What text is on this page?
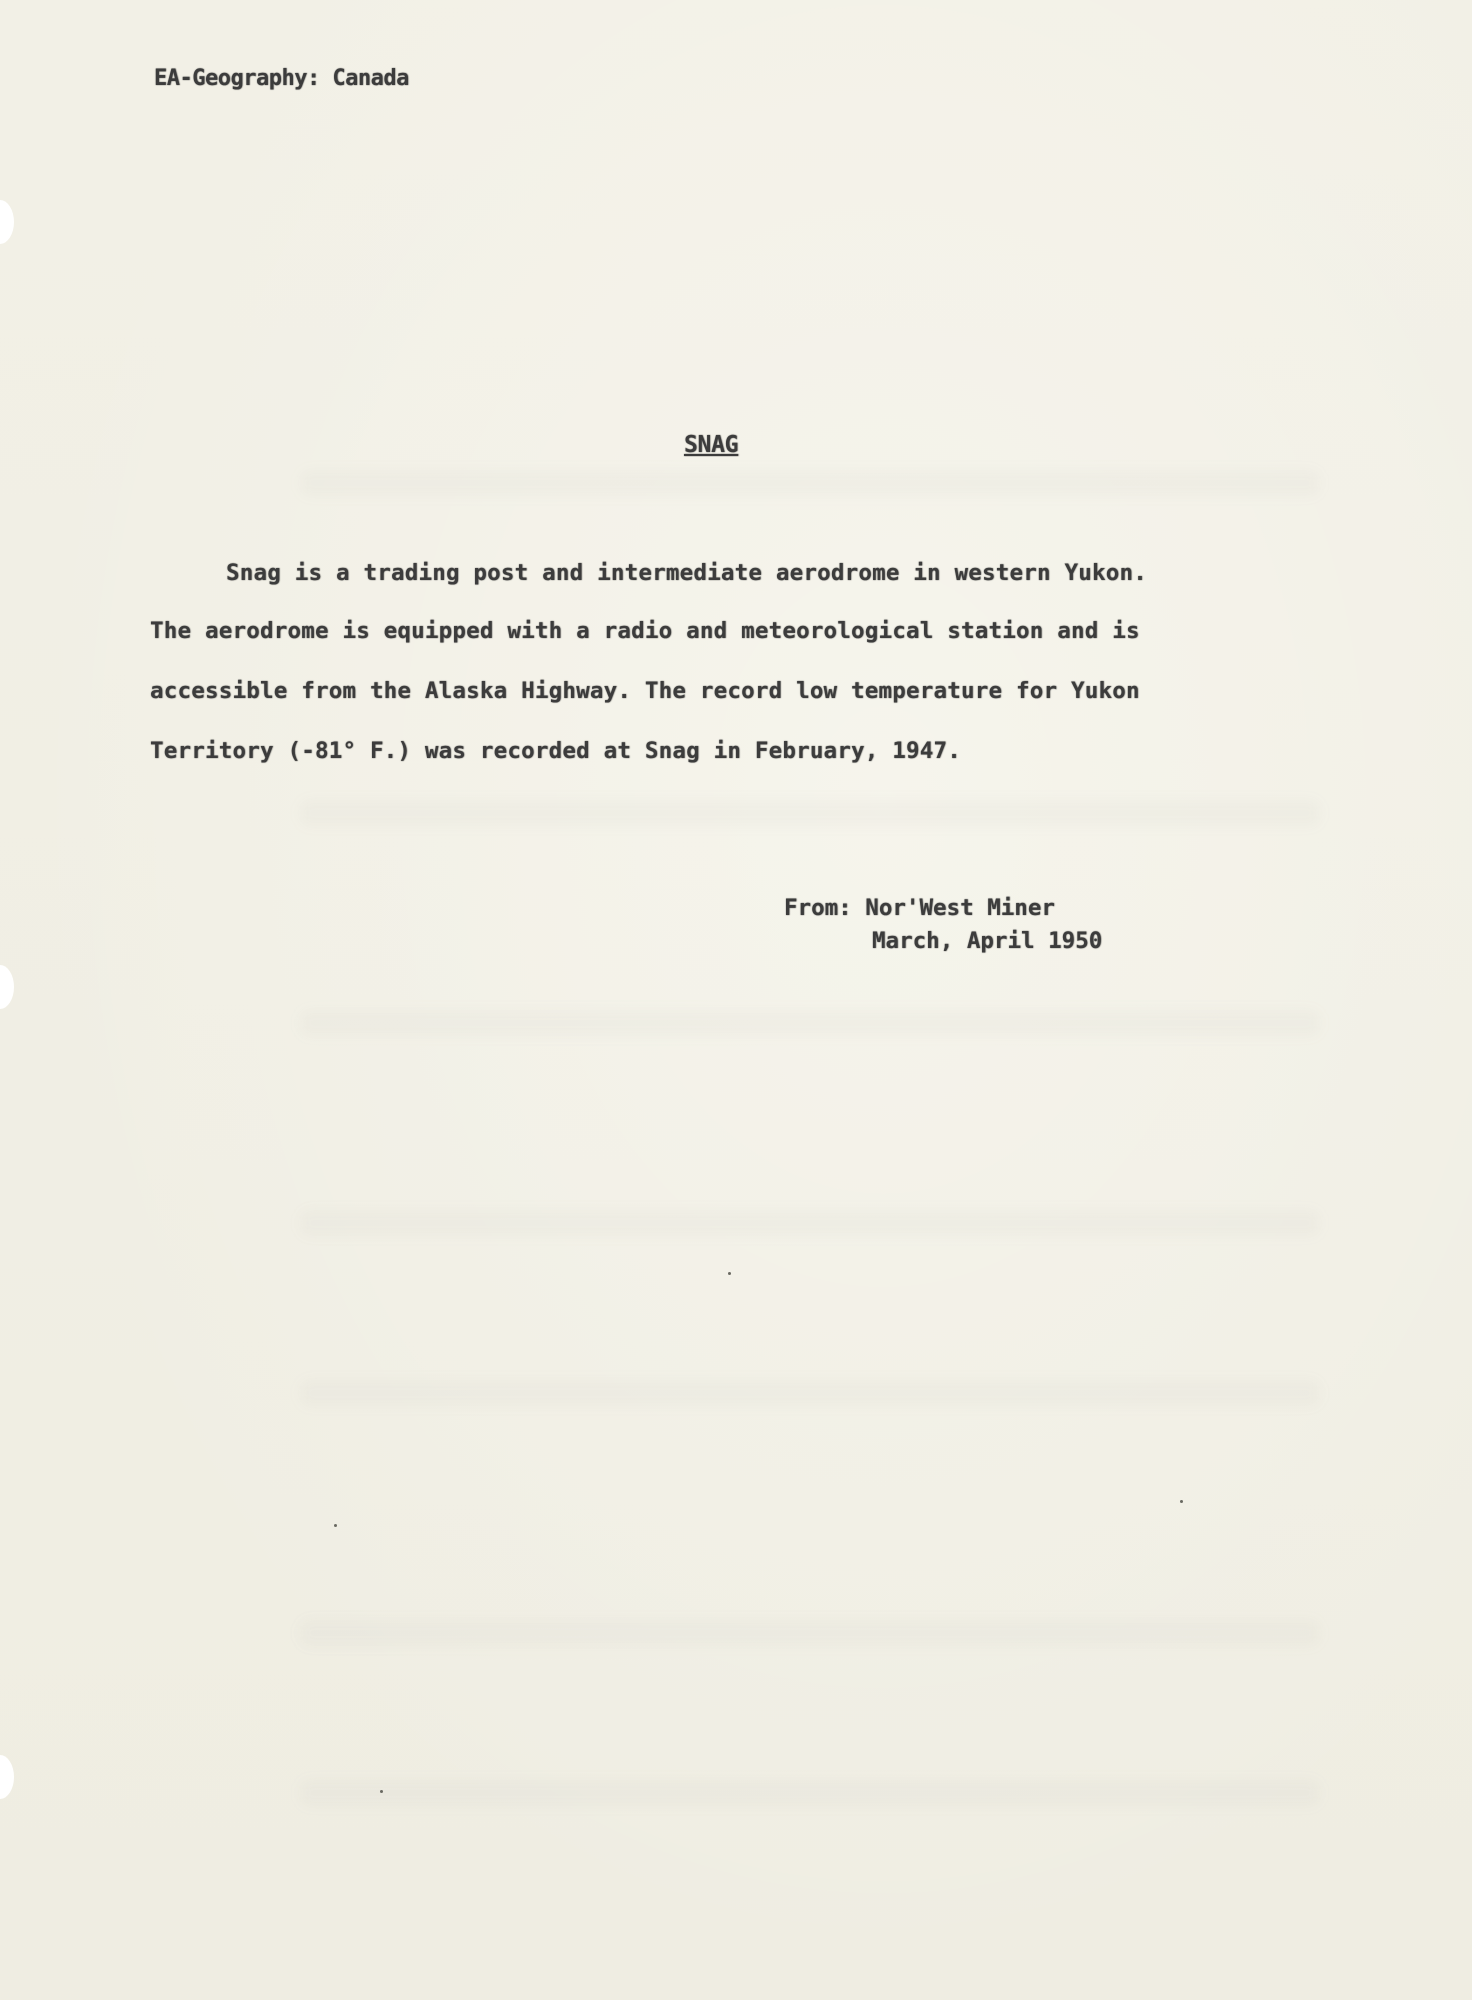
EA-Geography: Canada

SNAG

Snag is a trading post and intermediate aerodrome in western Yukon.

The aerodrome is equipped with a radio and meteorological station and is

accessible from the Alaska Highway. The record low temperature for Yukon

Territory (-81° F.) was recorded at Snag in February, 1947.

From: Nor'West Miner

March, April 1950
